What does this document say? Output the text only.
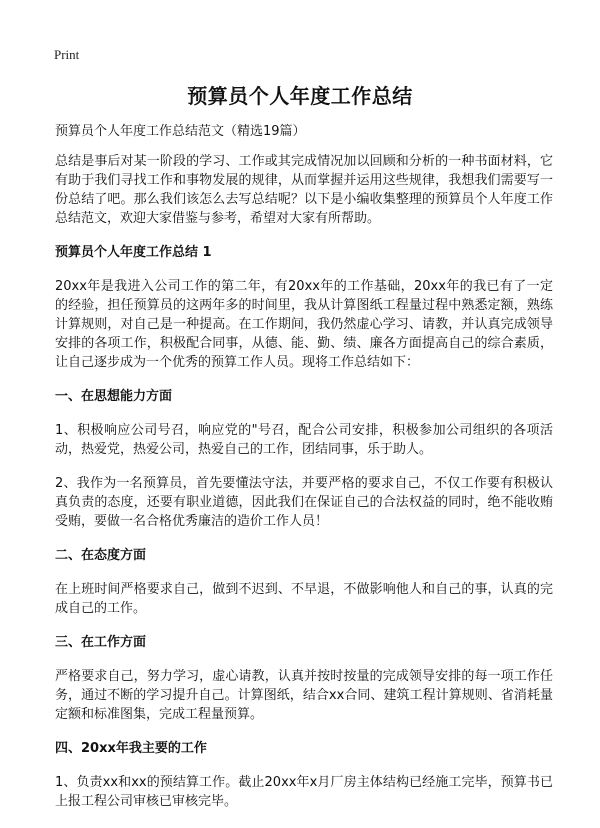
Print
预算员个人年度工作总结

预算员个人年度工作总结范文（精选19篇）

总结是事后对某一阶段的学习、工作或其完成情况加以回顾和分析的一种书面材料，它有助于我们寻找工作和事物发展的规律，从而掌握并运用这些规律，我想我们需要写一份总结了吧。那么我们该怎么去写总结呢？以下是小编收集整理的预算员个人年度工作总结范文，欢迎大家借鉴与参考，希望对大家有所帮助。

预算员个人年度工作总结 1

20xx年是我进入公司工作的第二年，有20xx年的工作基础，20xx年的我已有了一定的经验，担任预算员的这两年多的时间里，我从计算图纸工程量过程中熟悉定额，熟练计算规则，对自己是一种提高。在工作期间，我仍然虚心学习、请教，并认真完成领导安排的各项工作，积极配合同事，从德、能、勤、绩、廉各方面提高自己的综合素质，让自己逐步成为一个优秀的预算工作人员。现将工作总结如下：

一、在思想能力方面

1、积极响应公司号召，响应党的"号召，配合公司安排，积极参加公司组织的各项活动，热爱党，热爱公司，热爱自己的工作，团结同事，乐于助人。

2、我作为一名预算员，首先要懂法守法，并要严格的要求自己，不仅工作要有积极认真负责的态度，还要有职业道德，因此我们在保证自己的合法权益的同时，绝不能收贿受贿，要做一名合格优秀廉洁的造价工作人员！

二、在态度方面

在上班时间严格要求自己，做到不迟到、不早退，不做影响他人和自己的事，认真的完成自己的工作。

三、在工作方面

严格要求自己，努力学习，虚心请教，认真并按时按量的完成领导安排的每一项工作任务，通过不断的学习提升自己。计算图纸，结合xx合同、建筑工程计算规则、省消耗量定额和标准图集，完成工程量预算。

四、20xx年我主要的工作

1、负责xx和xx的预结算工作。截止20xx年x月厂房主体结构已经施工完毕，预算书已上报工程公司审核已审核完毕。
